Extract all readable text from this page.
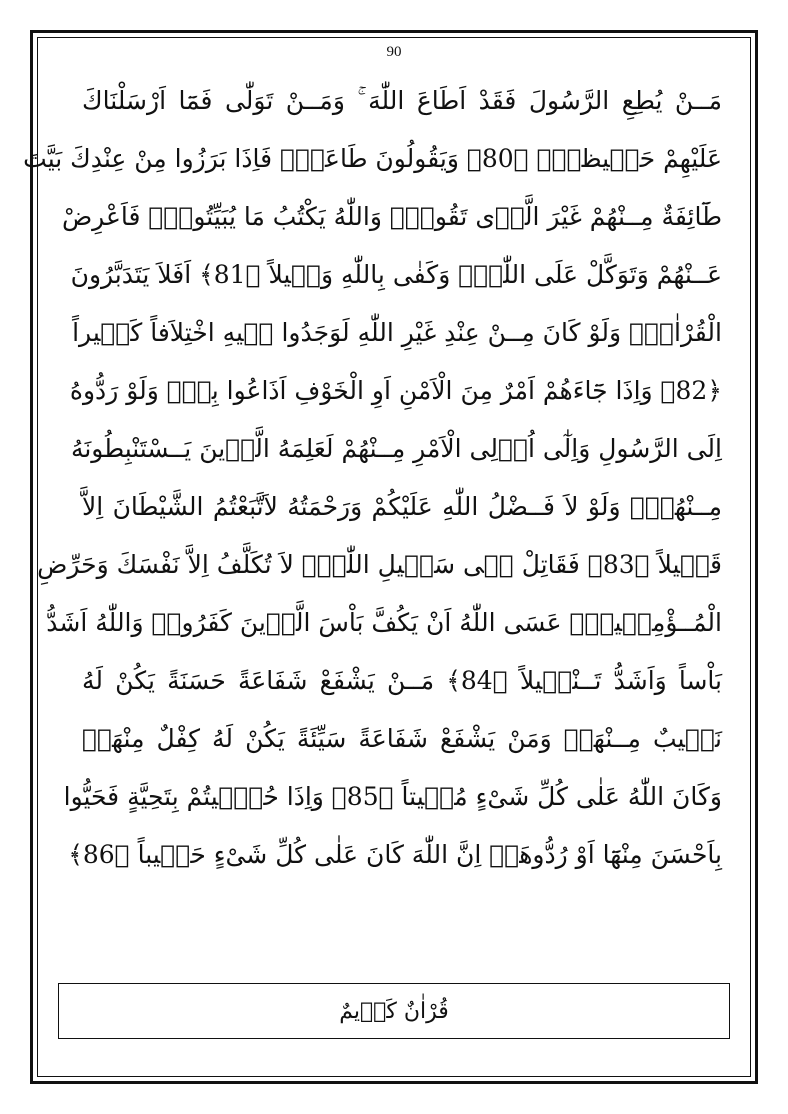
90
مَــنْ يُطِعِ الرَّسُولَ فَقَدْ اَطَاعَ اللّٰهَ ۚ وَمَــنْ تَوَلّٰى فَمَٓا اَرْسَلْنَاكَ
عَلَيْهِمْ حَفٖيظاًۜ ﴿80﴾ وَيَقُولُونَ طَاعَةٌۘ فَاِذَا بَرَزُوا مِنْ عِنْدِكَ بَيَّتَ
طَٓائِفَةٌ مِــنْهُمْ غَيْرَ الَّذٖى تَقُولُۜ وَاللّٰهُ يَكْتُبُ مَا يُبَيِّتُونَۚ فَاَعْرِضْ
عَــنْهُمْ وَتَوَكَّلْ عَلَى اللّٰهِۜ وَكَفٰى بِاللّٰهِ وَكٖيلاً ﴿81﴾ اَفَلاَ يَتَدَبَّرُونَ
الْقُرْاٰنَۜ وَلَوْ كَانَ مِــنْ عِنْدِ غَيْرِ اللّٰهِ لَوَجَدُوا فٖيهِ اخْتِلاَفاً كَثٖيراً
﴿82﴾ وَاِذَا جَٓاءَهُمْ اَمْرٌ مِنَ الْاَمْنِ اَوِ الْخَوْفِ اَذَاعُوا بِهٖۜ وَلَوْ رَدُّوهُ
اِلَى الرَّسُولِ وَاِلٰٓى اُو۬لِى الْاَمْرِ مِــنْهُمْ لَعَلِمَهُ الَّذٖينَ يَــسْتَنْبِطُونَهُ
مِــنْهُمْۜ وَلَوْ لاَ فَــضْلُ اللّٰهِ عَلَيْكُمْ وَرَحْمَتُهُ لاَتَّبَعْتُمُ الشَّيْطَانَ اِلاَّ
قَلٖيلاً ﴿83﴾ فَقَاتِلْ فٖى سَبٖيلِ اللّٰهِۚ لاَ تُكَلَّفُ اِلاَّ نَفْسَكَ وَحَرِّضِ
الْمُــؤْمِنٖينَۚ عَسَى اللّٰهُ اَنْ يَكُفَّ بَاْسَ الَّذٖينَ كَفَرُواۜ وَاللّٰهُ اَشَدُّ
بَاْساً وَاَشَدُّ تَــنْكٖيلاً ﴿84﴾ مَــنْ يَشْفَعْ شَفَاعَةً حَسَنَةً يَكُنْ لَهُ
نَصٖيبٌ مِــنْهَاۚ وَمَنْ يَشْفَعْ شَفَاعَةً سَيِّئَةً يَكُنْ لَهُ كِفْلٌ مِنْهَاۜ
وَكَانَ اللّٰهُ عَلٰى كُلِّ شَىْءٍ مُقٖيتاً ﴿85﴾ وَاِذَا حُيّٖيتُمْ بِتَحِيَّةٍ فَحَيُّوا
بِاَحْسَنَ مِنْهَٓا اَوْ رُدُّوهَاۜ اِنَّ اللّٰهَ كَانَ عَلٰى كُلِّ شَىْءٍ حَسٖيباً ﴿86﴾
قُرْاٰنٌ كَرٖيمٌ
